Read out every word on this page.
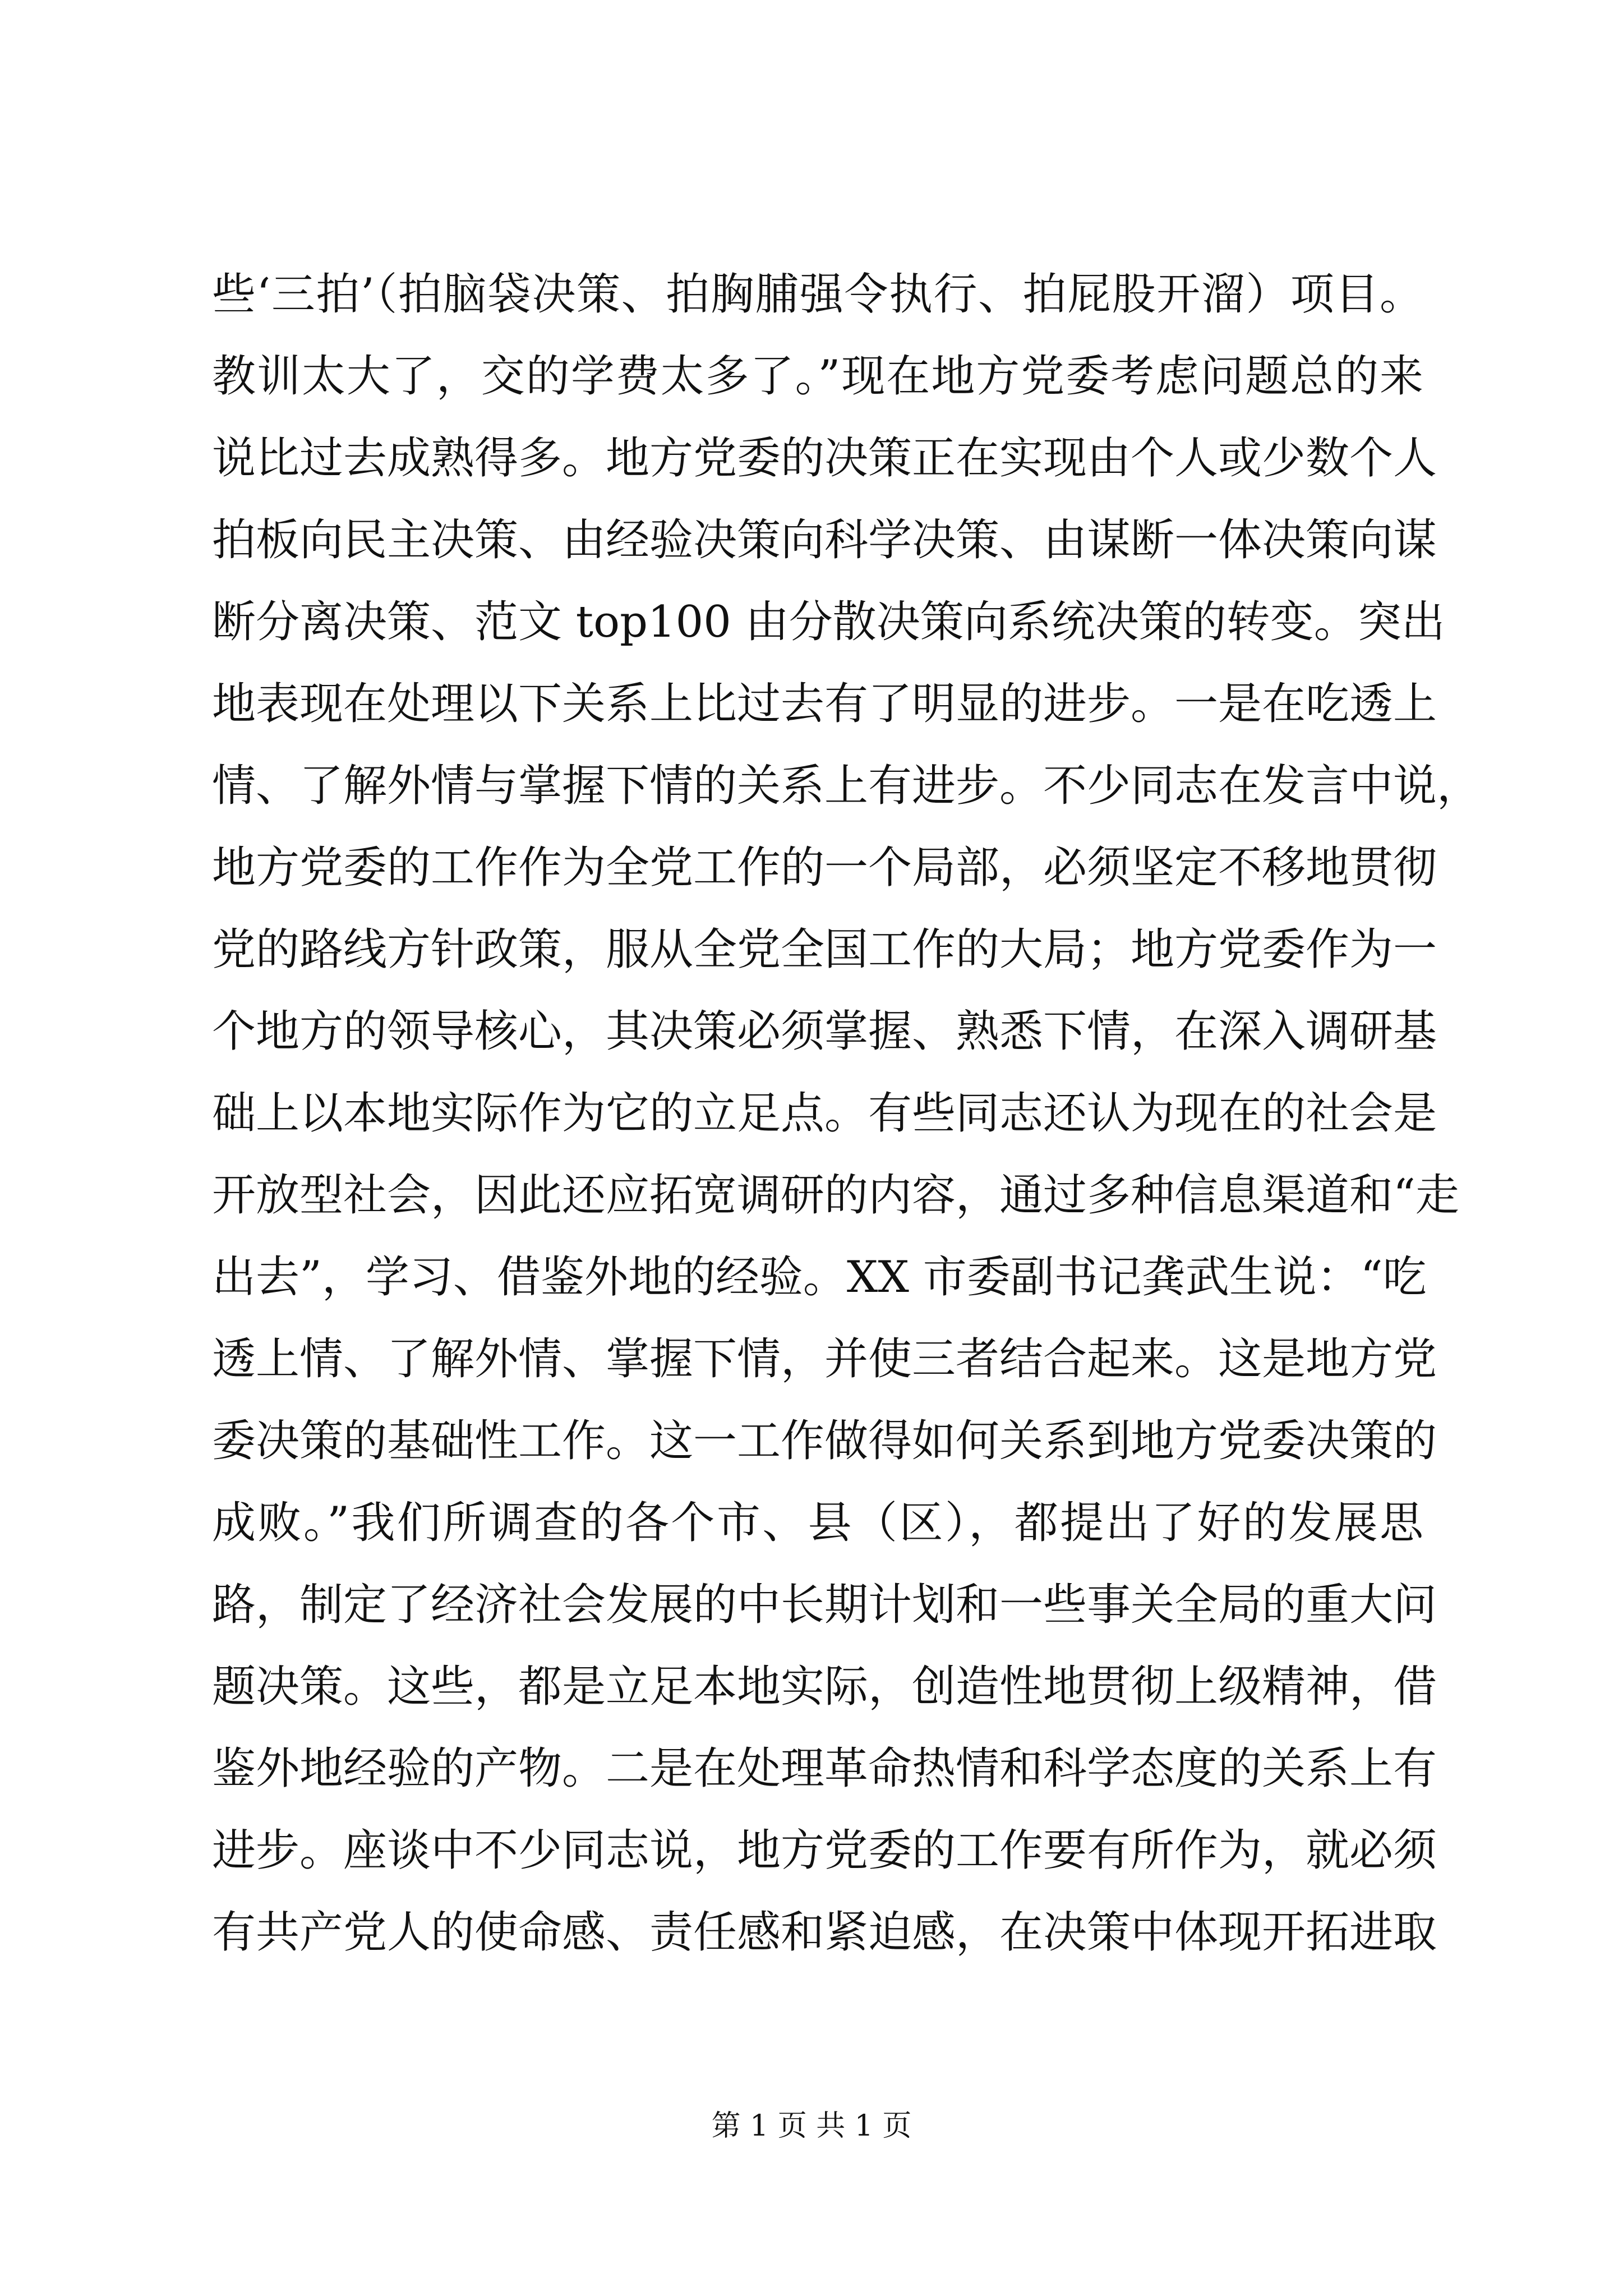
些‘三拍’（拍脑袋决策、拍胸脯强令执行、拍屁股开溜）项目。
教训太大了，交的学费太多了。”现在地方党委考虑问题总的来
说比过去成熟得多。地方党委的决策正在实现由个人或少数个人
拍板向民主决策、由经验决策向科学决策、由谋断一体决策向谋
断分离决策、范文 top100 由分散决策向系统决策的转变。突出
地表现在处理以下关系上比过去有了明显的进步。一是在吃透上
情、了解外情与掌握下情的关系上有进步。不少同志在发言中说，
地方党委的工作作为全党工作的一个局部，必须坚定不移地贯彻
党的路线方针政策，服从全党全国工作的大局；地方党委作为一
个地方的领导核心，其决策必须掌握、熟悉下情，在深入调研基
础上以本地实际作为它的立足点。有些同志还认为现在的社会是
开放型社会，因此还应拓宽调研的内容，通过多种信息渠道和“走
出去”，学习、借鉴外地的经验。XX 市委副书记龚武生说：“吃
透上情、了解外情、掌握下情，并使三者结合起来。这是地方党
委决策的基础性工作。这一工作做得如何关系到地方党委决策的
成败。”我们所调查的各个市、县（区），都提出了好的发展思
路，制定了经济社会发展的中长期计划和一些事关全局的重大问
题决策。这些，都是立足本地实际，创造性地贯彻上级精神，借
鉴外地经验的产物。二是在处理革命热情和科学态度的关系上有
进步。座谈中不少同志说，地方党委的工作要有所作为，就必须
有共产党人的使命感、责任感和紧迫感，在决策中体现开拓进取
第 1 页 共 1 页
